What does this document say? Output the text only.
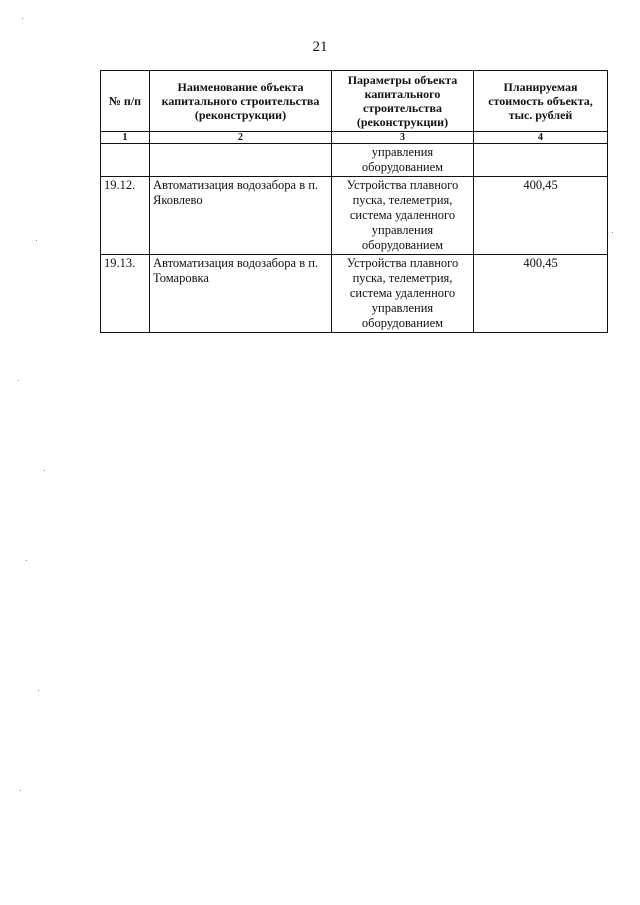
21
№ п/п	Наименование объекта капитального строительства (реконструкции)	Параметры объекта капитального строительства (реконструкции)	Планируемая стоимость объекта, тыс. рублей
1	2	3	4
		управления оборудованием	
19.12.	Автоматизация водозабора в п. Яковлево	Устройства плавного пуска, телеметрия, система удаленного управления оборудованием	400,45
19.13.	Автоматизация водозабора в п. Томаровка	Устройства плавного пуска, телеметрия, система удаленного управления оборудованием	400,45
